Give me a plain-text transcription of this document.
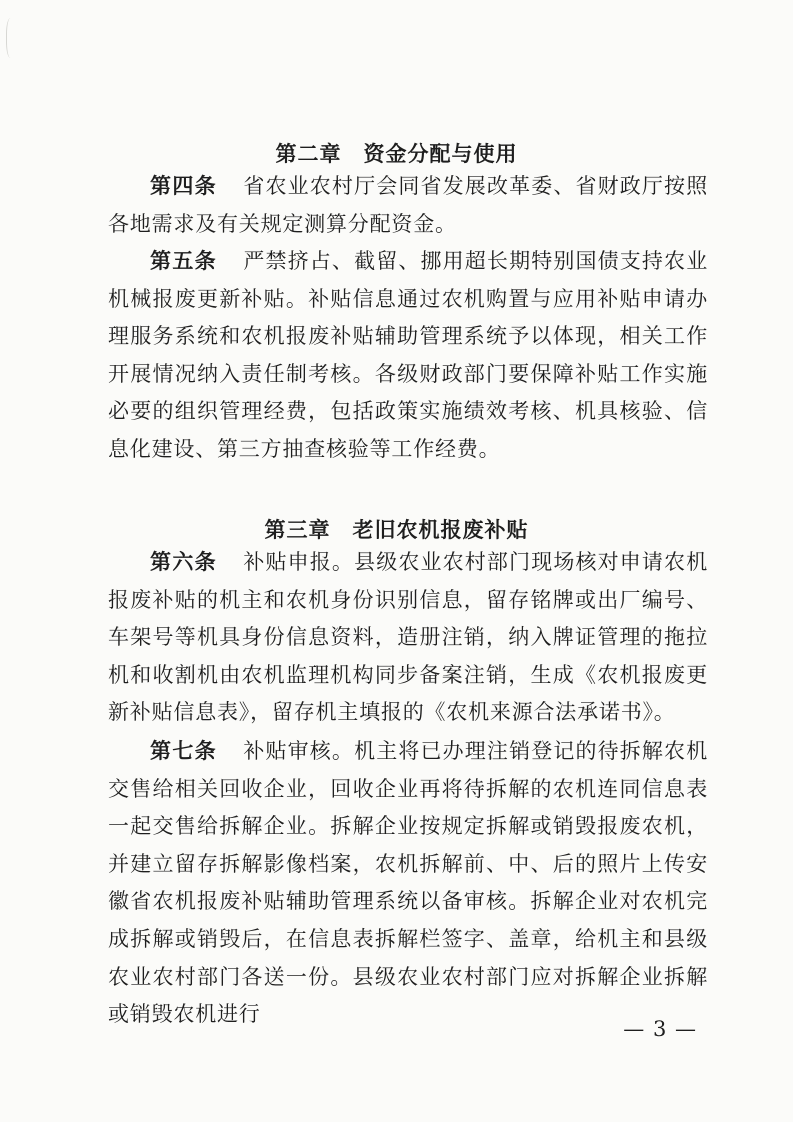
第二章　资金分配与使用

第四条 省农业农村厅会同省发展改革委、省财政厅按照各地需求及有关规定测算分配资金。

第五条 严禁挤占、截留、挪用超长期特别国债支持农业机械报废更新补贴。补贴信息通过农机购置与应用补贴申请办理服务系统和农机报废补贴辅助管理系统予以体现，相关工作开展情况纳入责任制考核。各级财政部门要保障补贴工作实施必要的组织管理经费，包括政策实施绩效考核、机具核验、信息化建设、第三方抽查核验等工作经费。

第三章　老旧农机报废补贴

第六条 补贴申报。县级农业农村部门现场核对申请农机报废补贴的机主和农机身份识别信息，留存铭牌或出厂编号、车架号等机具身份信息资料，造册注销，纳入牌证管理的拖拉机和收割机由农机监理机构同步备案注销，生成《农机报废更新补贴信息表》，留存机主填报的《农机来源合法承诺书》。

第七条 补贴审核。机主将已办理注销登记的待拆解农机交售给相关回收企业，回收企业再将待拆解的农机连同信息表一起交售给拆解企业。拆解企业按规定拆解或销毁报废农机，并建立留存拆解影像档案，农机拆解前、中、后的照片上传安徽省农机报废补贴辅助管理系统以备审核。拆解企业对农机完成拆解或销毁后，在信息表拆解栏签字、盖章，给机主和县级农业农村部门各送一份。县级农业农村部门应对拆解企业拆解或销毁农机进行

— 3 —
